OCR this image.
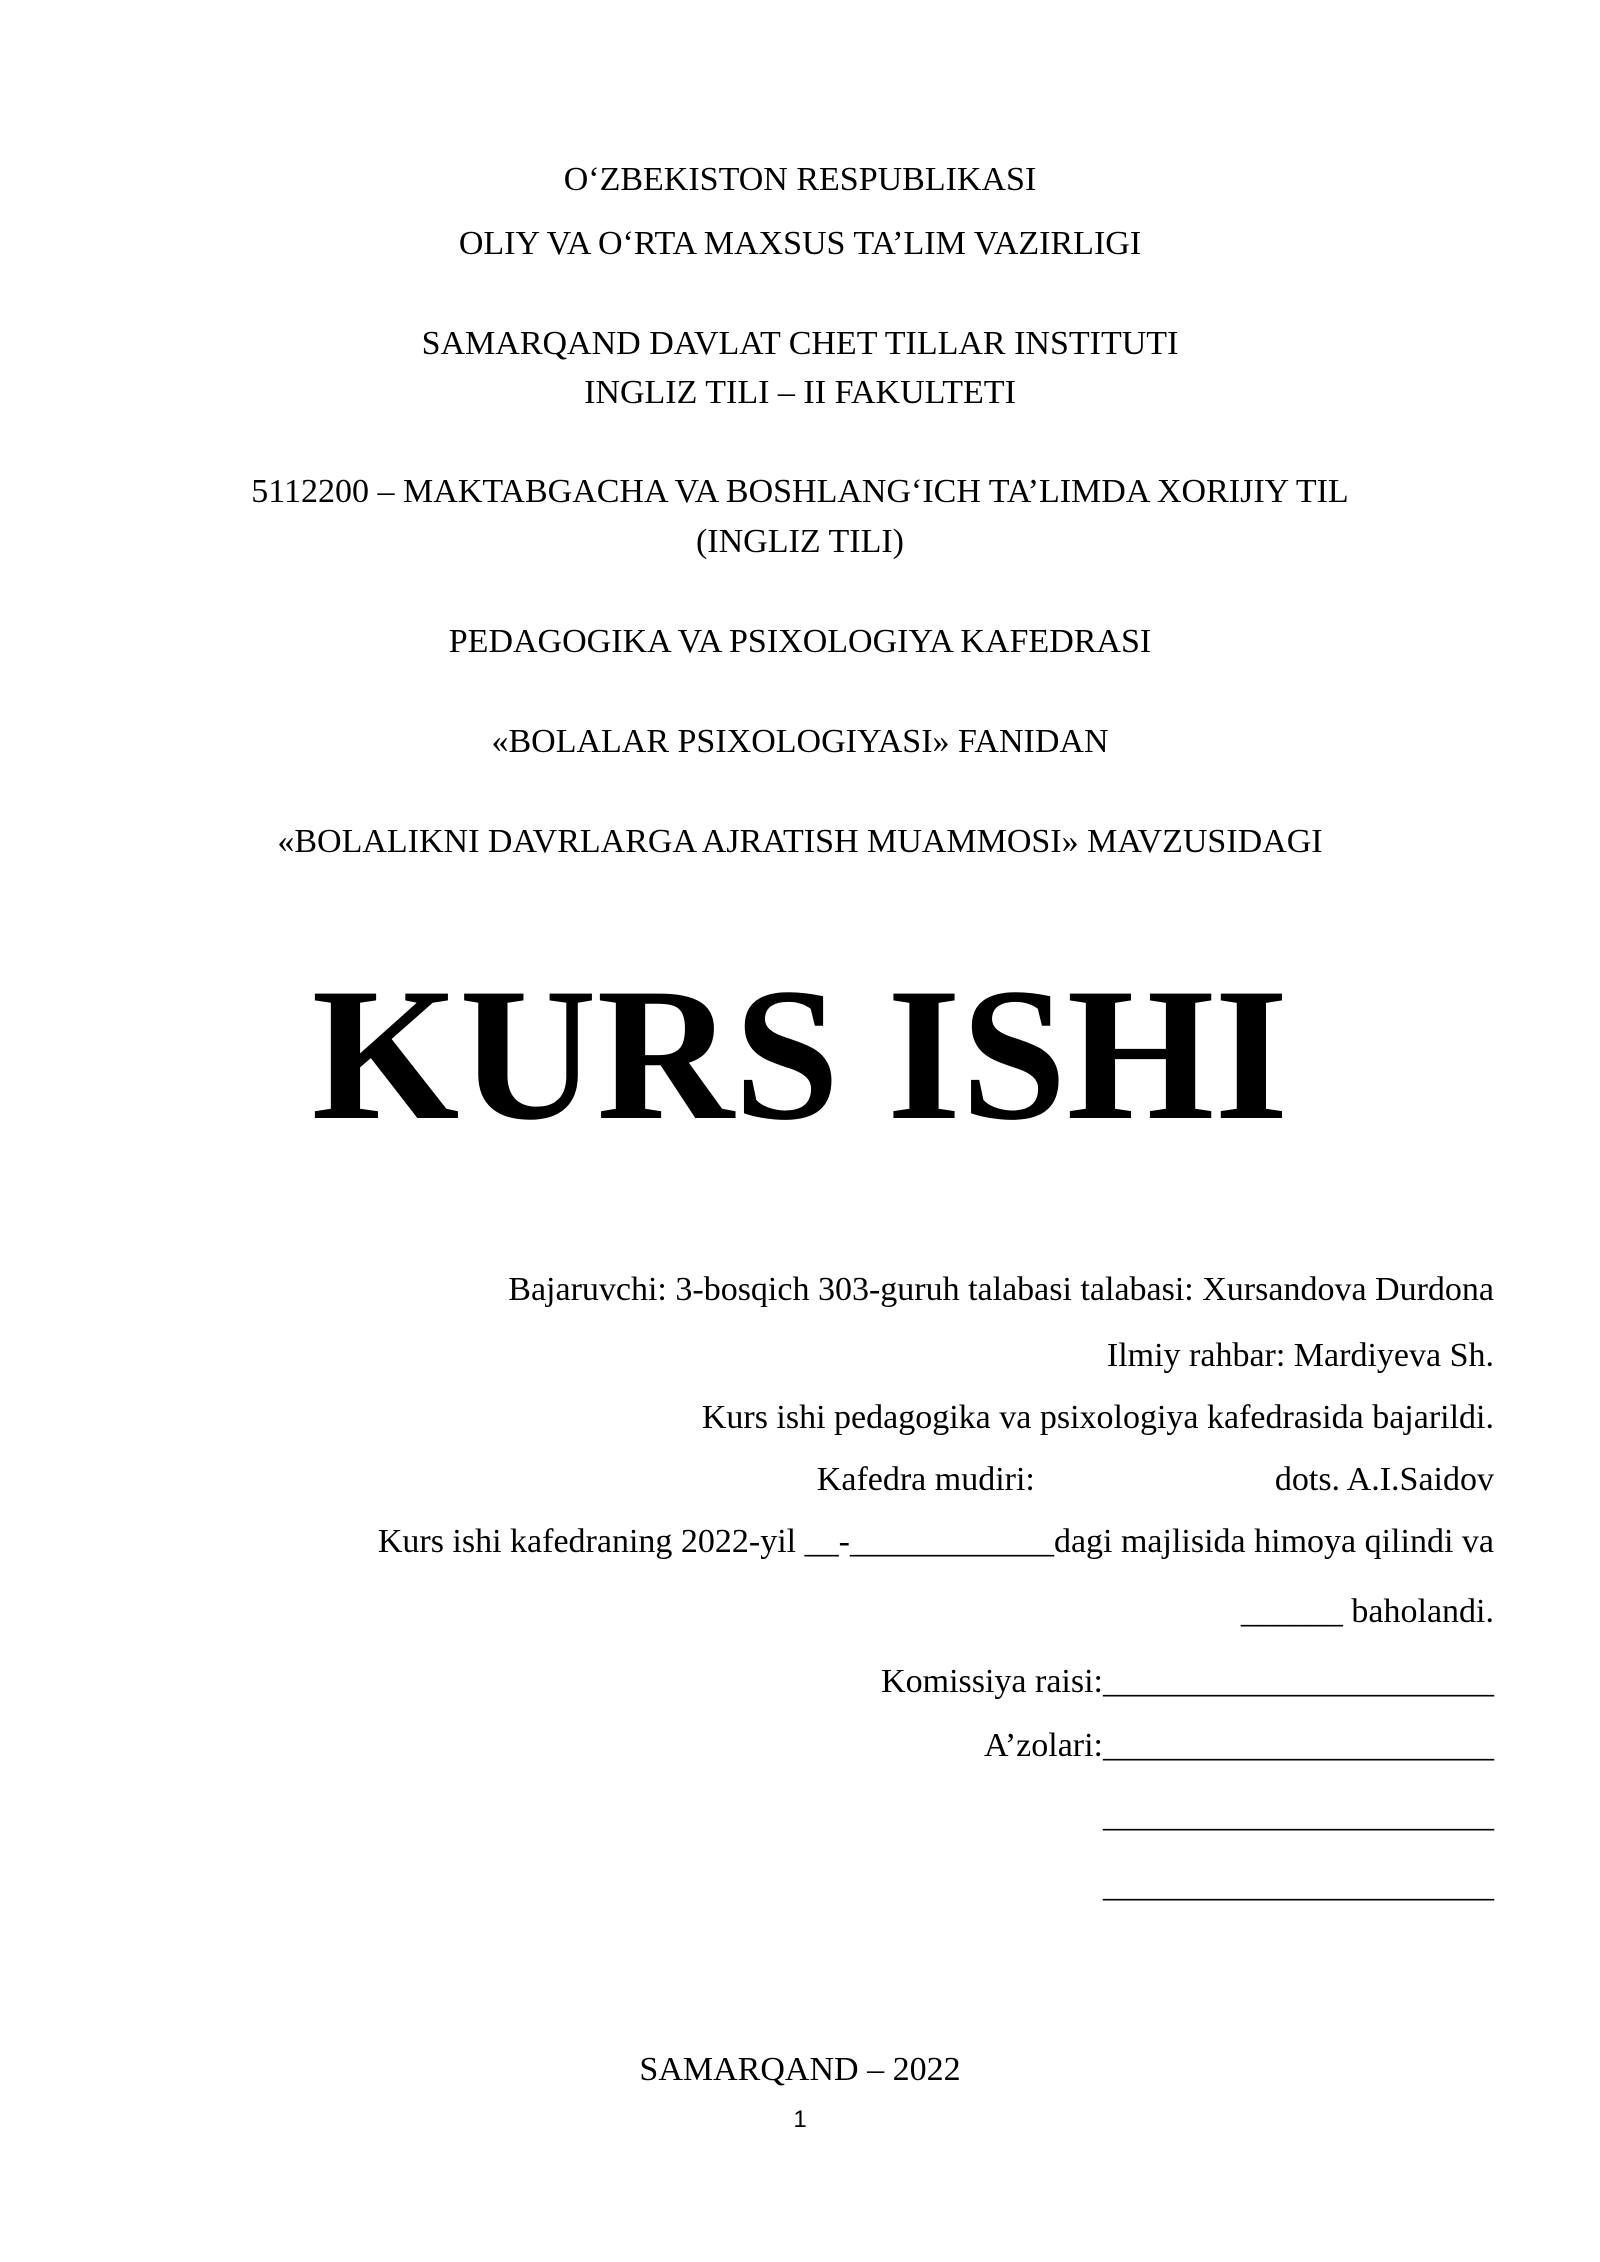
O‘ZBEKISTON RESPUBLIKASI
OLIY VA O‘RTA MAXSUS TA’LIM VAZIRLIGI
SAMARQAND DAVLAT CHET TILLAR INSTITUTI
INGLIZ TILI – II FAKULTETI
5112200 – MAKTABGACHA VA BOSHLANG‘ICH TA’LIMDA XORIJIY TIL
(INGLIZ TILI)
PEDAGOGIKA VA PSIXOLOGIYA KAFEDRASI
«BOLALAR PSIXOLOGIYASI» FANIDAN
«BOLALIKNI DAVRLARGA AJRATISH MUAMMOSI» MAVZUSIDAGI
KURS ISHI
Bajaruvchi: 3-bosqich 303-guruh talabasi talabasi: Xursandova Durdona
Ilmiy rahbar: Mardiyeva Sh.
Kurs ishi pedagogika va psixologiya kafedrasida bajarildi.
Kafedra mudiri:	dots. A.I.Saidov
Kurs ishi kafedraning 2022-yil __-____________dagi majlisida himoya qilindi va
______ baholandi.
Komissiya raisi:_______________________
A’zolari:_______________________
_______________________
_______________________
SAMARQAND – 2022
1
